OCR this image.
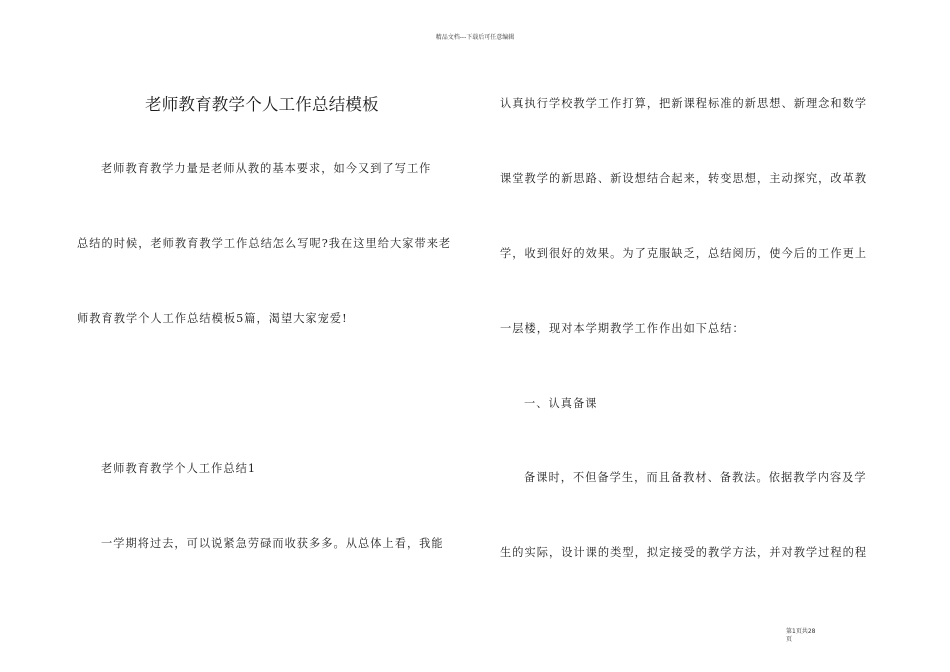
精品文档---下载后可任意编辑
老师教育教学个人工作总结模板
老师教育教学力量是老师从教的基本要求，如今又到了写工作
总结的时候，老师教育教学工作总结怎么写呢?我在这里给大家带来老
师教育教学个人工作总结模板5篇，渴望大家宠爱!
老师教育教学个人工作总结1
一学期将过去，可以说紧急劳碌而收获多多。从总体上看，我能
认真执行学校教学工作打算，把新课程标准的新思想、新理念和数学
课堂教学的新思路、新设想结合起来，转变思想，主动探究，改革教
学，收到很好的效果。为了克服缺乏，总结阅历，使今后的工作更上
一层楼，现对本学期教学工作作出如下总结：
一、认真备课
备课时，不但备学生，而且备教材、备教法。依据教学内容及学
生的实际，设计课的类型，拟定接受的教学方法，并对教学过程的程
第1页共28
页
